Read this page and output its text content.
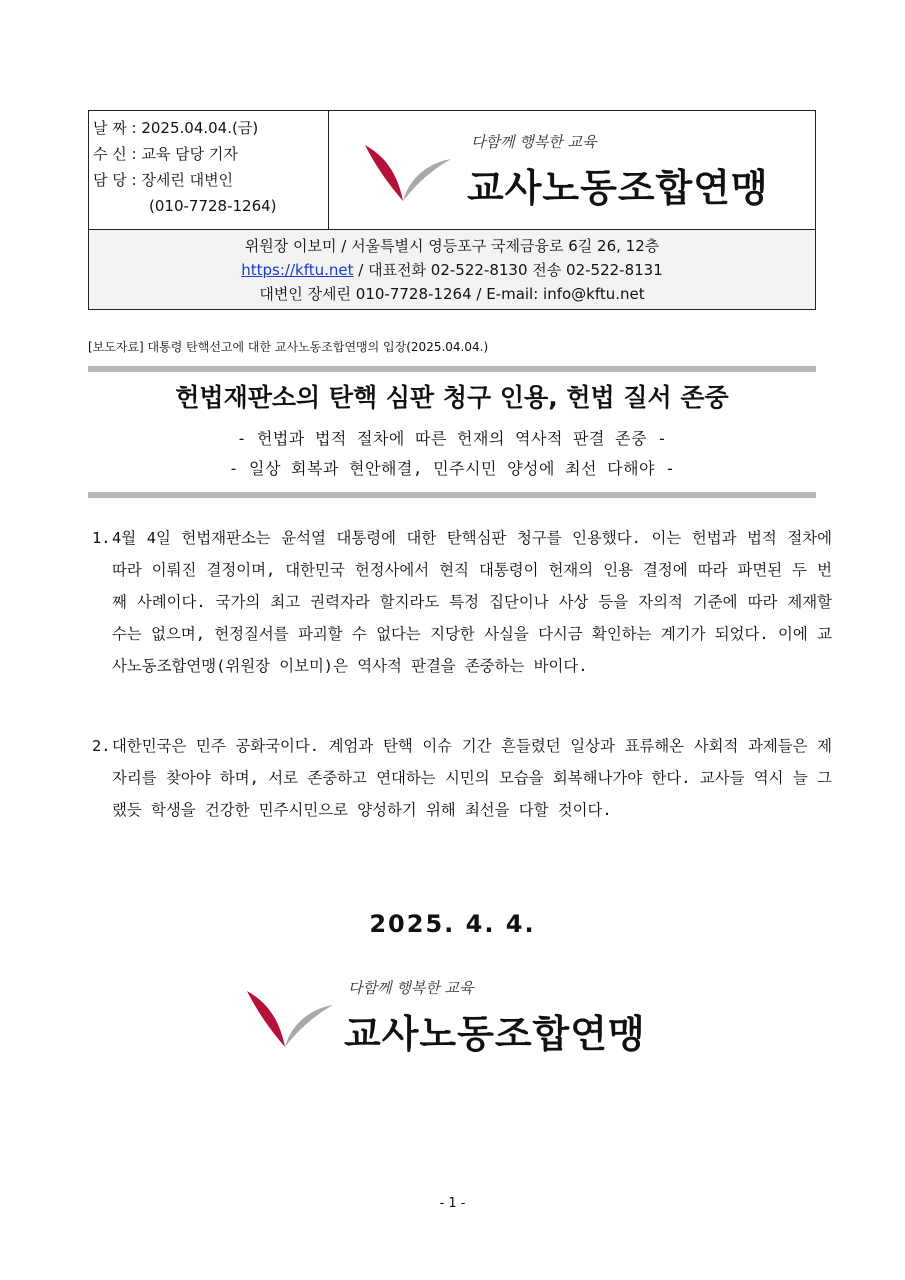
날 짜 : 2025.04.04.(금)
수 신 : 교육 담당 기자
담 당 : 장세린 대변인
(010-7728-1264)
다함께 행복한 교육
교사노동조합연맹
위원장 이보미 / 서울특별시 영등포구 국제금융로 6길 26, 12층
https://kftu.net / 대표전화 02-522-8130 전송 02-522-8131
대변인 장세린 010-7728-1264 / E-mail: info@kftu.net
[보도자료] 대통령 탄핵선고에 대한 교사노동조합연맹의 입장(2025.04.04.)
헌법재판소의 탄핵 심판 청구 인용, 헌법 질서 존중
- 헌법과 법적 절차에 따른 헌재의 역사적 판결 존중 -
- 일상 회복과 현안해결, 민주시민 양성에 최선 다해야 -
1. 4월 4일 헌법재판소는 윤석열 대통령에 대한 탄핵심판 청구를 인용했다. 이는 헌법과 법적 절차에 따라 이뤄진 결정이며, 대한민국 헌정사에서 현직 대통령이 헌재의 인용 결정에 따라 파면된 두 번째 사례이다. 국가의 최고 권력자라 할지라도 특정 집단이나 사상 등을 자의적 기준에 따라 제재할 수는 없으며, 헌정질서를 파괴할 수 없다는 지당한 사실을 다시금 확인하는 계기가 되었다. 이에 교사노동조합연맹(위원장 이보미)은 역사적 판결을 존중하는 바이다.
2. 대한민국은 민주 공화국이다. 계엄과 탄핵 이슈 기간 흔들렸던 일상과 표류해온 사회적 과제들은 제자리를 찾아야 하며, 서로 존중하고 연대하는 시민의 모습을 회복해나가야 한다. 교사들 역시 늘 그랬듯 학생을 건강한 민주시민으로 양성하기 위해 최선을 다할 것이다.
2025. 4. 4.
다함께 행복한 교육
교사노동조합연맹
- 1 -
